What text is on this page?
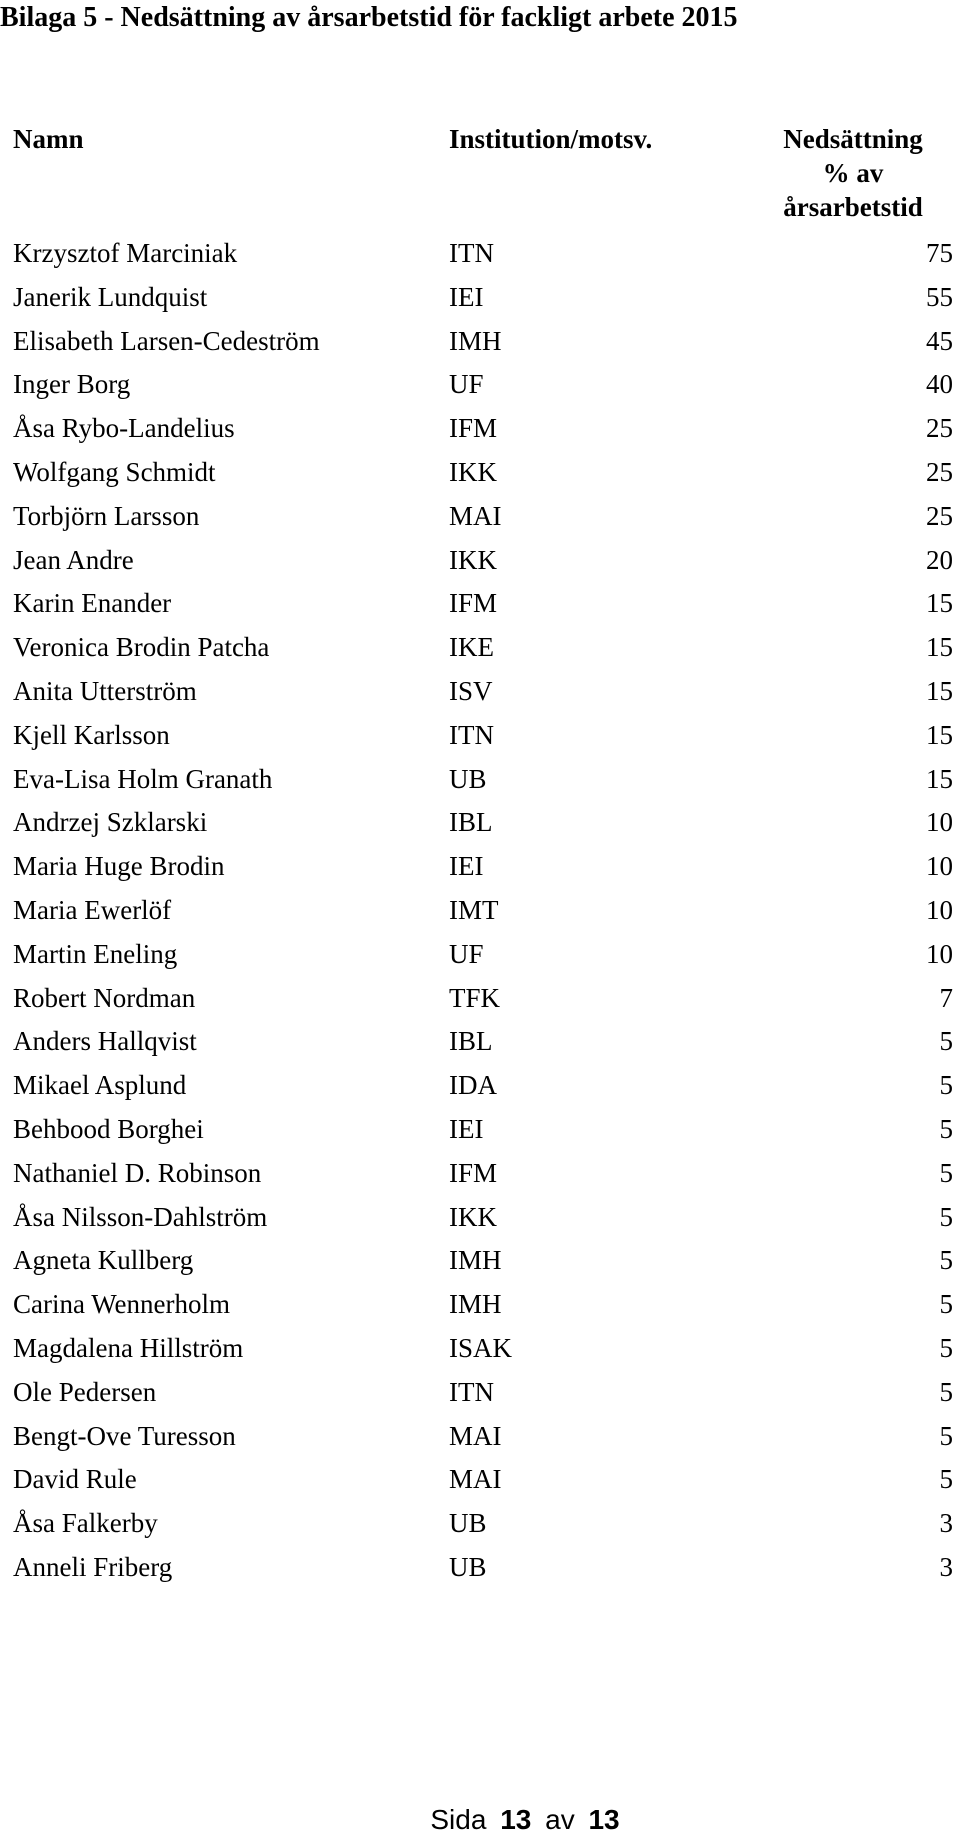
Bilaga 5 - Nedsättning av årsarbetstid för fackligt arbete 2015
Namn	Institution/motsv.	Nedsättning
% av
årsarbetstid
Krzysztof Marciniak	ITN	75
Janerik Lundquist	IEI	55
Elisabeth Larsen-Cedeström	IMH	45
Inger Borg	UF	40
Åsa Rybo-Landelius	IFM	25
Wolfgang Schmidt	IKK	25
Torbjörn Larsson	MAI	25
Jean Andre	IKK	20
Karin Enander	IFM	15
Veronica Brodin Patcha	IKE	15
Anita Utterström	ISV	15
Kjell Karlsson	ITN	15
Eva-Lisa Holm Granath	UB	15
Andrzej Szklarski	IBL	10
Maria Huge Brodin	IEI	10
Maria Ewerlöf	IMT	10
Martin Eneling	UF	10
Robert Nordman	TFK	7
Anders Hallqvist	IBL	5
Mikael Asplund	IDA	5
Behbood Borghei	IEI	5
Nathaniel D. Robinson	IFM	5
Åsa Nilsson-Dahlström	IKK	5
Agneta Kullberg	IMH	5
Carina Wennerholm	IMH	5
Magdalena Hillström	ISAK	5
Ole Pedersen	ITN	5
Bengt-Ove Turesson	MAI	5
David Rule	MAI	5
Åsa Falkerby	UB	3
Anneli Friberg	UB	3
Sida 13 av 13
